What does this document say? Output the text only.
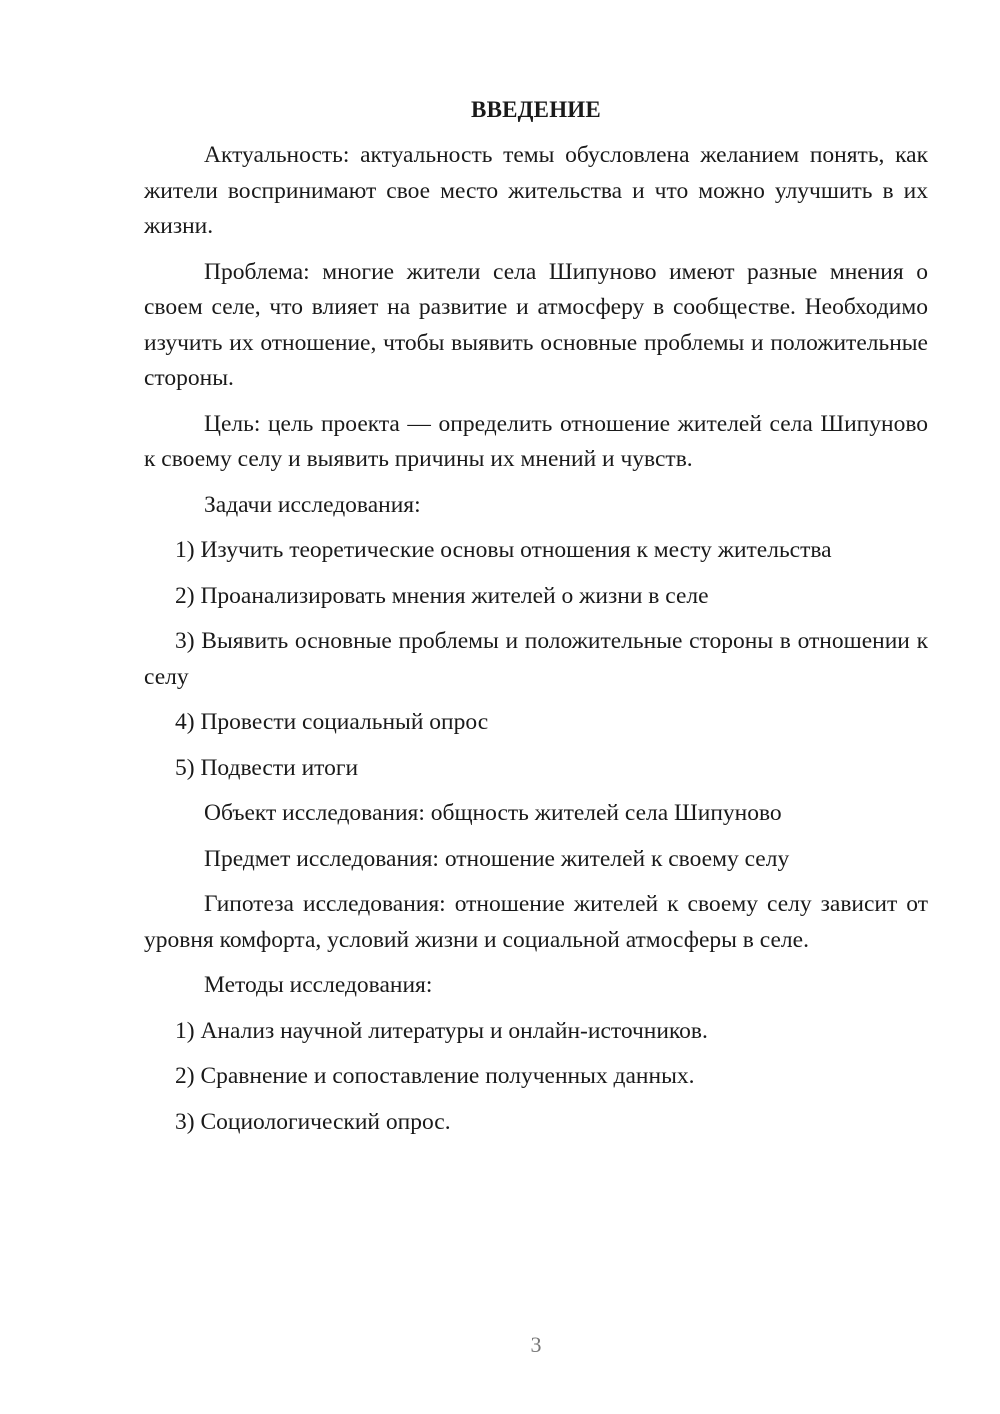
ВВЕДЕНИЕ

Актуальность: актуальность темы обусловлена желанием понять, как жители воспринимают свое место жительства и что можно улучшить в их жизни.

Проблема: многие жители села Шипуново имеют разные мнения о своем селе, что влияет на развитие и атмосферу в сообществе. Необходимо изучить их отношение, чтобы выявить основные проблемы и положительные стороны.

Цель: цель проекта — определить отношение жителей села Шипуново к своему селу и выявить причины их мнений и чувств.

Задачи исследования:

1) Изучить теоретические основы отношения к месту жительства

2) Проанализировать мнения жителей о жизни в селе

3) Выявить основные проблемы и положительные стороны в отношении к селу

4) Провести социальный опрос

5) Подвести итоги

Объект исследования: общность жителей села Шипуново

Предмет исследования: отношение жителей к своему селу

Гипотеза исследования: отношение жителей к своему селу зависит от уровня комфорта, условий жизни и социальной атмосферы в селе.

Методы исследования:

1) Анализ научной литературы и онлайн-источников.

2) Сравнение и сопоставление полученных данных.

3) Социологический опрос.

3
